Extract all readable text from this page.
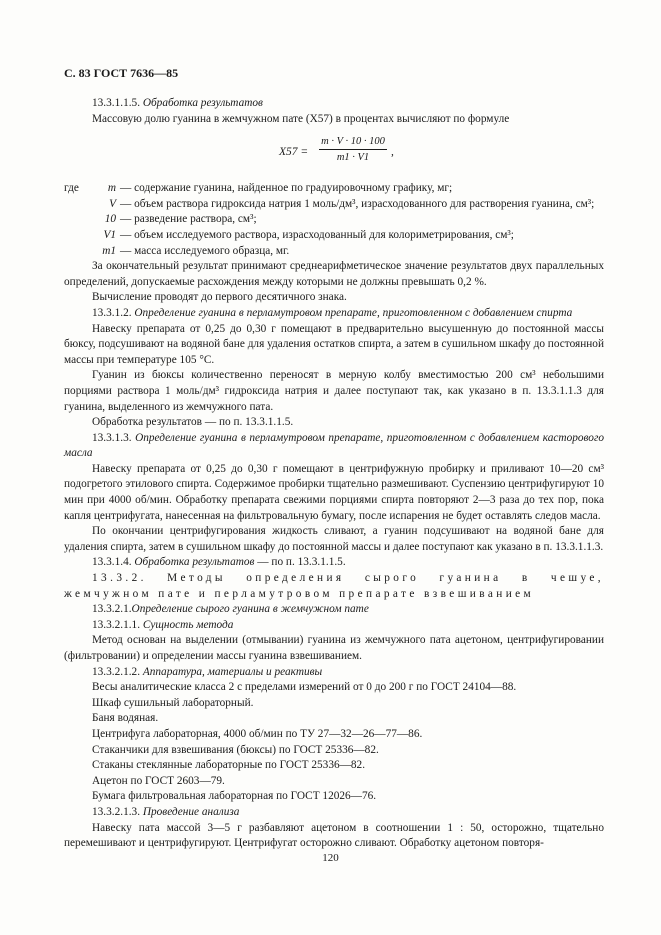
С. 83 ГОСТ 7636—85

13.3.1.1.5. Обработка результатов

Массовую долю гуанина в жемчужном пате (X57) в процентах вычисляют по формуле

$X57 = \frac{m \cdot V \cdot 10 \cdot 100}{m1 \cdot V1}$ ,
где	m	— содержание гуанина, найденное по градуировочному графику, мг;
	V	— объем раствора гидроксида натрия 1 моль/дм³, израсходованного для растворения гуанина, см³;
	10	— разведение раствора, см³;
	V1	— объем исследуемого раствора, израсходованный для колориметрирования, см³;
	m1	— масса исследуемого образца, мг.

За окончательный результат принимают среднеарифметическое значение результатов двух параллельных определений, допускаемые расхождения между которыми не должны превышать 0,2 %.

Вычисление проводят до первого десятичного знака.

13.3.1.2. Определение гуанина в перламутровом препарате, приготовленном с добавлением спирта

Навеску препарата от 0,25 до 0,30 г помещают в предварительно высушенную до постоянной массы бюксу, подсушивают на водяной бане для удаления остатков спирта, а затем в сушильном шкафу до постоянной массы при температуре 105 °С.

Гуанин из бюксы количественно переносят в мерную колбу вместимостью 200 см³ небольшими порциями раствора 1 моль/дм³ гидроксида натрия и далее поступают так, как указано в п. 13.3.1.1.3 для гуанина, выделенного из жемчужного пата.

Обработка результатов — по п. 13.3.1.1.5.

13.3.1.3. Определение гуанина в перламутровом препарате, приготовленном с добавлением касторового масла

Навеску препарата от 0,25 до 0,30 г помещают в центрифужную пробирку и приливают 10—20 см³ подогретого этилового спирта. Содержимое пробирки тщательно размешивают. Суспензию центрифугируют 10 мин при 4000 об/мин. Обработку препарата свежими порциями спирта повторяют 2—3 раза до тех пор, пока капля центрифугата, нанесенная на фильтровальную бумагу, после испарения не будет оставлять следов масла.

По окончании центрифугирования жидкость сливают, а гуанин подсушивают на водяной бане для удаления спирта, затем в сушильном шкафу до постоянной массы и далее поступают как указано в п. 13.3.1.1.3.

13.3.1.4. Обработка результатов — по п. 13.3.1.1.5.

13.3.2. Методы определения сырого гуанина в чешуе, жемчужном пате и перламутровом препарате взвешиванием

13.3.2.1.Определение сырого гуанина в жемчужном пате

13.3.2.1.1. Сущность метода

Метод основан на выделении (отмывании) гуанина из жемчужного пата ацетоном, центрифугировании (фильтровании) и определении массы гуанина взвешиванием.

13.3.2.1.2. Аппаратура, материалы и реактивы

Весы аналитические класса 2 с пределами измерений от 0 до 200 г по ГОСТ 24104—88.

Шкаф сушильный лабораторный.

Баня водяная.

Центрифуга лабораторная, 4000 об/мин по ТУ 27—32—26—77—86.

Стаканчики для взвешивания (бюксы) по ГОСТ 25336—82.

Стаканы стеклянные лабораторные по ГОСТ 25336—82.

Ацетон по ГОСТ 2603—79.

Бумага фильтровальная лабораторная по ГОСТ 12026—76.

13.3.2.1.3. Проведение анализа

Навеску пата массой 3—5 г разбавляют ацетоном в соотношении 1 : 50, осторожно, тщательно перемешивают и центрифугируют. Центрифугат осторожно сливают. Обработку ацетоном повторя-

120
